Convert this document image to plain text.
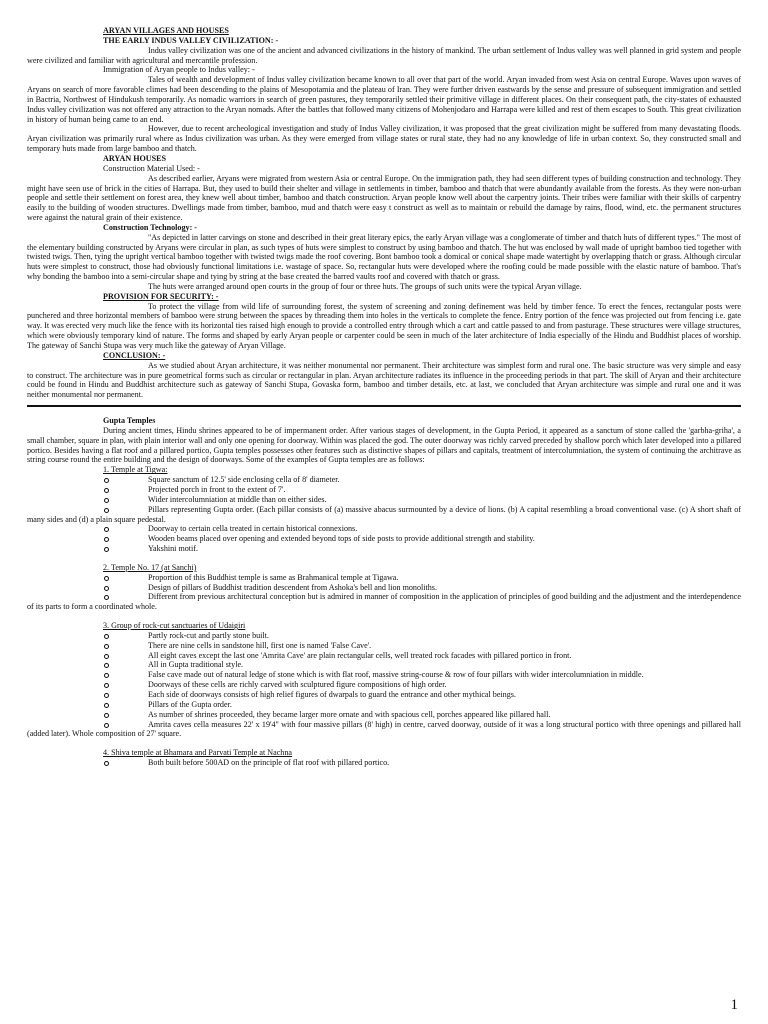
ARYAN VILLAGES AND HOUSES

THE EARLY INDUS VALLEY CIVILIZATION: -

Indus valley civilization was one of the ancient and advanced civilizations in the history of mankind. The urban settlement of Indus valley was well planned in grid system and people were civilized and familiar with agricultural and mercantile profession.

Immigration of Aryan people to Indus valley: -

Tales of wealth and development of Indus valley civilization became known to all over that part of the world. Aryan invaded from west Asia on central Europe. Waves upon waves of Aryans on search of more favorable climes had been descending to the plains of Mesopotamia and the plateau of Iran. They were further driven eastwards by the sense and pressure of subsequent immigration and settled in Bactria, Northwest of Hindukush temporarily. As nomadic warriors in search of green pastures, they temporarily settled their primitive village in different places. On their consequent path, the city-states of exhausted Indus valley civilization was not offered any attraction to the Aryan nomads. After the battles that followed many citizens of Mohenjodaro and Harrapa were killed and rest of them escapes to South. This great civilization in history of human being came to an end.

However, due to recent archeological investigation and study of Indus Valley civilization, it was proposed that the great civilization might be suffered from many devastating floods. Aryan civilization was primarily rural where as Indus civilization was urban. As they were emerged from village states or rural state, they had no any knowledge of life in urban context. So, they constructed small and temporary huts made from large bamboo and thatch.

ARYAN HOUSES

Construction Material Used: -

As described earlier, Aryans were migrated from western Asia or central Europe. On the immigration path, they had seen different types of building construction and technology. They might have seen use of brick in the cities of Harrapa. But, they used to build their shelter and village in settlements in timber, bamboo and thatch that were abundantly available from the forests. As they were non-urban people and settle their settlement on forest area, they knew well about timber, bamboo and thatch construction. Aryan people know well about the carpentry joints. Their tribes were familiar with their skills of carpentry easily to the building of wooden structures. Dwellings made from timber, bamboo, mud and thatch were easy t construct as well as to maintain or rebuild the damage by rains, flood, wind, etc. the permanent structures were against the natural grain of their existence.

Construction Technology: -

"As depicted in latter carvings on stone and described in their great literary epics, the early Aryan village was a conglomerate of timber and thatch huts of different types." The most of the elementary building constructed by Aryans were circular in plan, as such types of huts were simplest to construct by using bamboo and thatch. The hut was enclosed by wall made of upright bamboo tied together with twisted twigs. Then, tying the upright vertical bamboo together with twisted twigs made the roof covering. Bont bamboo took a domical or conical shape made watertight by overlapping thatch or grass. Although circular huts were simplest to construct, those had obviously functional limitations i.e. wastage of space. So, rectangular huts were developed where the roofing could be made possible with the elastic nature of bamboo. That's why bonding the bamboo into a semi-circular shape and tying by string at the base created the barred vaults roof and covered with thatch or grass.

The huts were arranged around open courts in the group of four or three huts. The groups of such units were the typical Aryan village.

PROVISION FOR SECURITY: -

To protect the village from wild life of surrounding forest, the system of screening and zoning definement was held by timber fence. To erect the fences, rectangular posts were punchered and three horizontal members of bamboo were strung between the spaces by threading them into holes in the verticals to complete the fence. Entry portion of the fence was projected out from fencing i.e. gate way. It was erected very much like the fence with its horizontal ties raised high enough to provide a controlled entry through which a cart and cattle passed to and from pasturage. These structures were village structures, which were obviously temporary kind of nature. The forms and shaped by early Aryan people or carpenter could be seen in much of the later architecture of India especially of the Hindu and Buddhist places of worship. The gateway of Sanchi Stupa was very much like the gateway of Aryan Village.

CONCLUSION: -

As we studied about Aryan architecture, it was neither monumental nor permanent. Their architecture was simplest form and rural one. The basic structure was very simple and easy to construct. The architecture was in pure geometrical forms such as circular or rectangular in plan. Aryan architecture radiates its influence in the proceeding periods in that part. The skill of Aryan and their architecture could be found in Hindu and Buddhist architecture such as gateway of Sanchi Stupa, Govaska form, bamboo and timber details, etc. at last, we concluded that Aryan architecture was simple and rural one and it was neither monumental nor permanent.

Gupta Temples

During ancient times, Hindu shrines appeared to be of impermanent order. After various stages of development, in the Gupta Period, it appeared as a sanctum of stone called the 'garbha-griha', a small chamber, square in plan, with plain interior wall and only one opening for doorway. Within was placed the god. The outer doorway was richly carved preceded by shallow porch which later developed into a pillared portico. Besides having a flat roof and a pillared portico, Gupta temples possesses other features such as distinctive shapes of pillars and capitals, treatment of intercolumniation, the system of continuing the architrave as string course round the entire building and the design of doorways. Some of the examples of Gupta temples are as follows:

1. Temple at Tigwa:

Square sanctum of 12.5' side enclosing cella of 8' diameter.

Projected porch in front to the extent of 7'.

Wider intercolumniation at middle than on either sides.

Pillars representing Gupta order. (Each pillar consists of (a) massive abacus surmounted by a device of lions. (b) A capital resembling a broad conventional vase. (c) A short shaft of many sides and (d) a plain square pedestal.

Doorway to certain cella treated in certain historical connexions.

Wooden beams placed over opening and extended beyond tops of side posts to provide additional strength and stability.

Yakshini motif.

2. Temple No. 17 (at Sanchi)

Proportion of this Buddhist temple is same as Brahmanical temple at Tigawa.

Design of pillars of Buddhist tradition descendent from Ashoka's bell and lion monoliths.

Different from previous architectural conception but is admired in manner of composition in the application of principles of good building and the adjustment and the interdependence of its parts to form a coordinated whole.

3. Group of rock-cut sanctuaries of Udaigiri

Partly rock-cut and partly stone built.

There are nine cells in sandstone hill, first one is named 'False Cave'.

All eight caves except the last one 'Amrita Cave' are plain rectangular cells, well treated rock facades with pillared portico in front.

All in Gupta traditional style.

False cave made out of natural ledge of stone which is with flat roof, massive string-course & row of four pillars with wider intercolumniation in middle.

Doorways of these cells are richly carved with sculptured figure compositions of high order.

Each side of doorways consists of high relief figures of dwarpals to guard the entrance and other mythical beings.

Pillars of the Gupta order.

As number of shrines proceeded, they became larger more ornate and with spacious cell, porches appeared like pillared hall.

Amrita caves cella measures 22' x 19'4" with four massive pillars (8' high) in centre, carved doorway, outside of it was a long structural portico with three openings and pillared hall (added later). Whole composition of 27' square.

4. Shiva temple at Bhamara and Parvati Temple at Nachna

Both built before 500AD on the principle of flat roof with pillared portico.

1
